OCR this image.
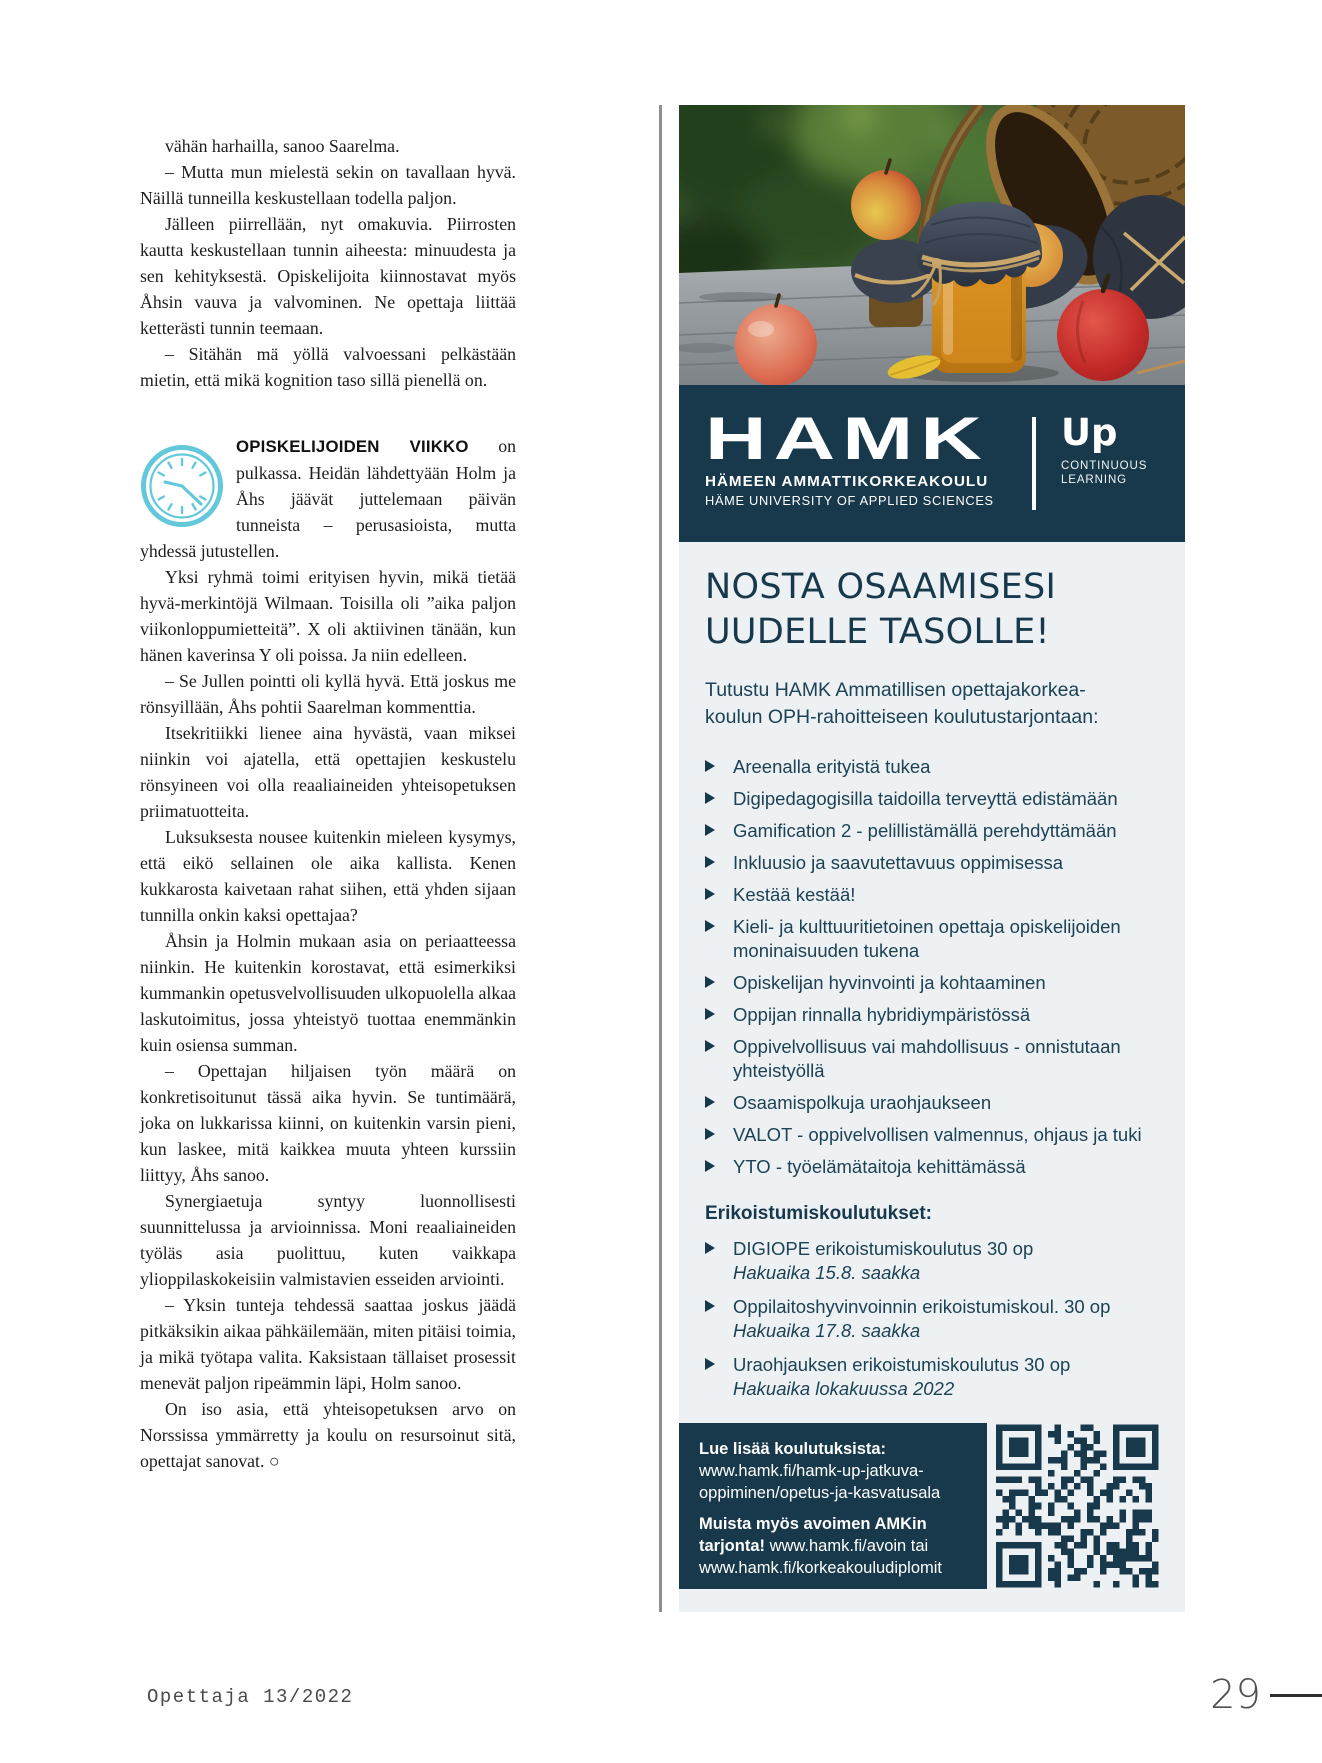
vähän harhailla, sanoo Saarelma.

– Mutta mun mielestä sekin on tavallaan hyvä. Näillä tunneilla keskustellaan todella paljon.

Jälleen piirrellään, nyt omakuvia. Piirrosten kautta keskustellaan tunnin aiheesta: minuudesta ja sen kehityksestä. Opiskelijoita kiinnostavat myös Åhsin vauva ja valvominen. Ne opettaja liittää ketterästi tunnin teemaan.

– Sitähän mä yöllä valvoessani pelkästään mietin, että mikä kognition taso sillä pienellä on.

OPISKELIJOIDEN VIIKKO on pulkassa. Heidän lähdettyään Holm ja Åhs jäävät juttelemaan päivän tunneista – perusasioista, mutta yhdessä jutustellen.

Yksi ryhmä toimi erityisen hyvin, mikä tietää hyvä-merkintöjä Wilmaan. Toisilla oli ”aika paljon viikonloppumietteitä”. X oli aktiivinen tänään, kun hänen kaverinsa Y oli poissa. Ja niin edelleen.

– Se Jullen pointti oli kyllä hyvä. Että joskus me rönsyillään, Åhs pohtii Saarelman kommenttia.

Itsekritiikki lienee aina hyvästä, vaan miksei niinkin voi ajatella, että opettajien keskustelu rönsyineen voi olla reaaliaineiden yhteisopetuksen priimatuotteita.

Luksuksesta nousee kuitenkin mieleen kysymys, että eikö sellainen ole aika kallista. Kenen kukkarosta kaivetaan rahat siihen, että yhden sijaan tunnilla onkin kaksi opettajaa?

Åhsin ja Holmin mukaan asia on periaatteessa niinkin. He kuitenkin korostavat, että esimerkiksi kummankin opetusvelvollisuuden ulkopuolella alkaa laskutoimitus, jossa yhteistyö tuottaa enemmänkin kuin osiensa summan.

– Opettajan hiljaisen työn määrä on konkretisoitunut tässä aika hyvin. Se tuntimäärä, joka on lukkarissa kiinni, on kuitenkin varsin pieni, kun laskee, mitä kaikkea muuta yhteen kurssiin liittyy, Åhs sanoo.

Synergiaetuja syntyy luonnollisesti suunnittelussa ja arvioinnissa. Moni reaaliaineiden työläs asia puolittuu, kuten vaikkapa ylioppilaskokeisiin valmistavien esseiden arviointi.

– Yksin tunteja tehdessä saattaa joskus jäädä pitkäksikin aikaa pähkäilemään, miten pitäisi toimia, ja mikä työtapa valita. Kaksistaan tällaiset prosessit menevät paljon ripeämmin läpi, Holm sanoo.

On iso asia, että yhteisopetuksen arvo on Norssissa ymmärretty ja koulu on resursoinut sitä, opettajat sanovat. ○

HAMK
HÄMEEN AMMATTIKORKEAKOULU
HÄME UNIVERSITY OF APPLIED SCIENCES
Up
CONTINUOUS
LEARNING
NOSTA OSAAMISESI
UUDELLE TASOLLE!
Tutustu HAMK Ammatillisen opettajakorkea-
koulun OPH-rahoitteiseen koulutustarjontaan:
Areenalla erityistä tukea
Digipedagogisilla taidoilla terveyttä edistämään
Gamification 2 - pelillistämällä perehdyttämään
Inkluusio ja saavutettavuus oppimisessa
Kestää kestää!
Kieli- ja kulttuuritietoinen opettaja opiskelijoiden moninaisuuden tukena
Opiskelijan hyvinvointi ja kohtaaminen
Oppijan rinnalla hybridiympäristössä
Oppivelvollisuus vai mahdollisuus - onnistutaan yhteistyöllä
Osaamispolkuja uraohjaukseen
VALOT - oppivelvollisen valmennus, ohjaus ja tuki
YTO - työelämätaitoja kehittämässä
Erikoistumiskoulutukset:
DIGIOPE erikoistumiskoulutus 30 op
Hakuaika 15.8. saakka
Oppilaitoshyvinvoinnin erikoistumiskoul. 30 op
Hakuaika 17.8. saakka
Uraohjauksen erikoistumiskoulutus 30 op
Hakuaika lokakuussa 2022
Lue lisää koulutuksista:
www.hamk.fi/hamk-up-jatkuva-
oppiminen/opetus-ja-kasvatusala
Muista myös avoimen AMKin
tarjonta! www.hamk.fi/avoin tai
www.hamk.fi/korkeakouludiplomit
Opettaja 13/2022	29
